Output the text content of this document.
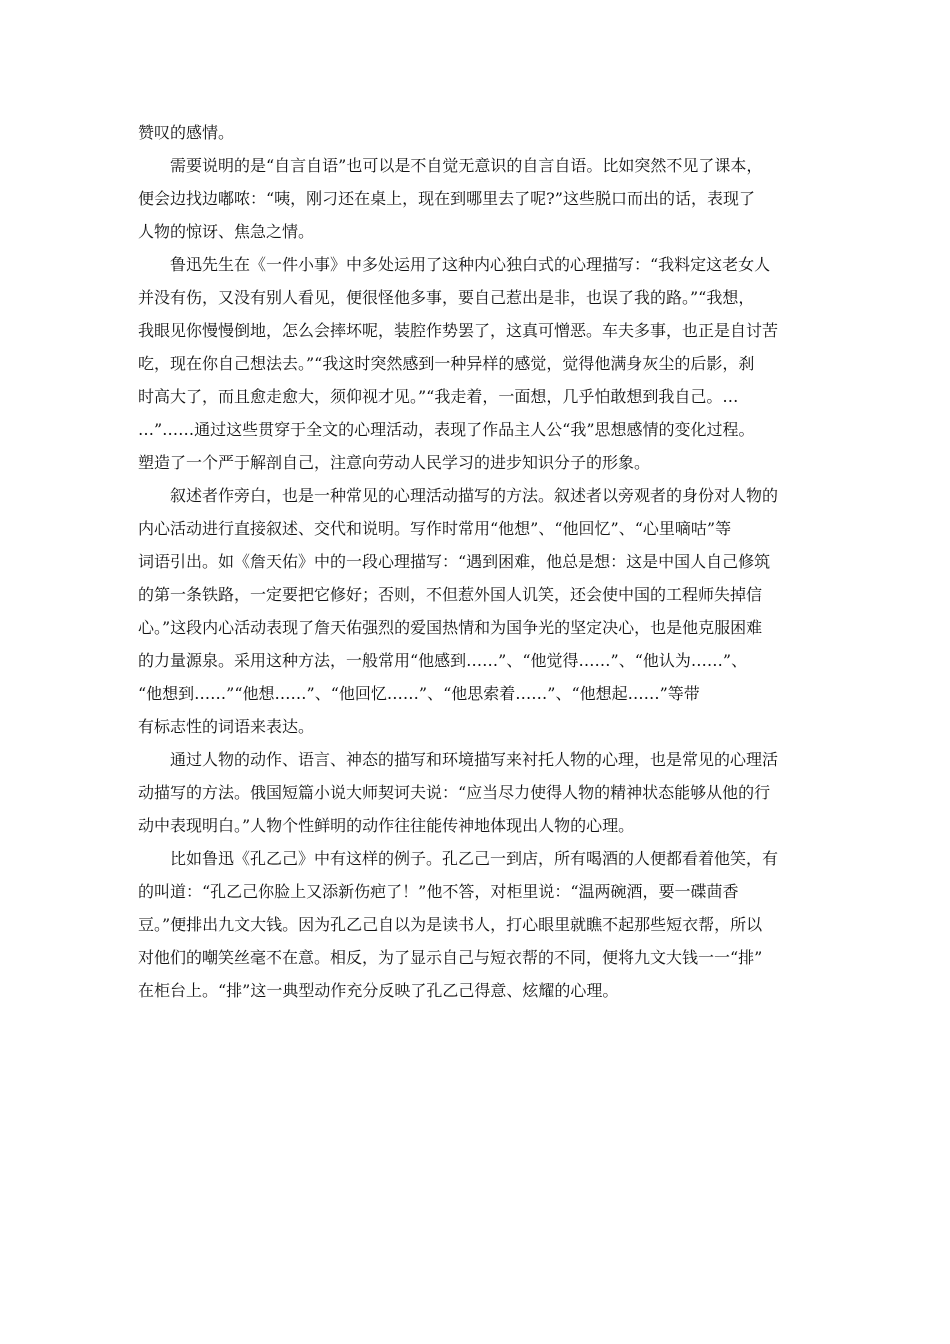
赞叹的感情。
　　需要说明的是“自言自语”也可以是不自觉无意识的自言自语。比如突然不见了课本，
便会边找边嘟哝：“咦，刚刁还在桌上，现在到哪里去了呢?”这些脱口而出的话，表现了
人物的惊讶、焦急之情。
　　鲁迅先生在《一件小事》中多处运用了这种内心独白式的心理描写：“我料定这老女人
并没有伤，又没有别人看见，便很怪他多事，要自己惹出是非，也误了我的路。”“我想，
我眼见你慢慢倒地，怎么会摔坏呢，装腔作势罢了，这真可憎恶。车夫多事，也正是自讨苦
吃，现在你自己想法去。”“我这时突然感到一种异样的感觉，觉得他满身灰尘的后影，刹
时高大了，而且愈走愈大，须仰视才见。”“我走着，一面想，几乎怕敢想到我自己。…
…”……通过这些贯穿于全文的心理活动，表现了作品主人公“我”思想感情的变化过程。
塑造了一个严于解剖自己，注意向劳动人民学习的进步知识分子的形象。
　　叙述者作旁白，也是一种常见的心理活动描写的方法。叙述者以旁观者的身份对人物的
内心活动进行直接叙述、交代和说明。写作时常用“他想”、“他回忆”、“心里嘀咕”等
词语引出。如《詹天佑》中的一段心理描写：“遇到困难，他总是想：这是中国人自己修筑
的第一条铁路，一定要把它修好；否则，不但惹外国人讥笑，还会使中国的工程师失掉信
心。”这段内心活动表现了詹天佑强烈的爱国热情和为国争光的坚定决心，也是他克服困难
的力量源泉。采用这种方法，一般常用“他感到……”、“他觉得……”、“他认为……”、
“他想到……”“他想……”、“他回忆……”、“他思索着……”、“他想起……”等带
有标志性的词语来表达。
　　通过人物的动作、语言、神态的描写和环境描写来衬托人物的心理，也是常见的心理活
动描写的方法。俄国短篇小说大师契诃夫说：“应当尽力使得人物的精神状态能够从他的行
动中表现明白。”人物个性鲜明的动作往往能传神地体现出人物的心理。
　　比如鲁迅《孔乙己》中有这样的例子。孔乙己一到店，所有喝酒的人便都看着他笑，有
的叫道：“孔乙己你脸上又添新伤疤了！”他不答，对柜里说：“温两碗酒，要一碟茴香
豆。”便排出九文大钱。因为孔乙己自以为是读书人，打心眼里就瞧不起那些短衣帮，所以
对他们的嘲笑丝毫不在意。相反，为了显示自己与短衣帮的不同，便将九文大钱一一“排”
在柜台上。“排”这一典型动作充分反映了孔乙己得意、炫耀的心理。
